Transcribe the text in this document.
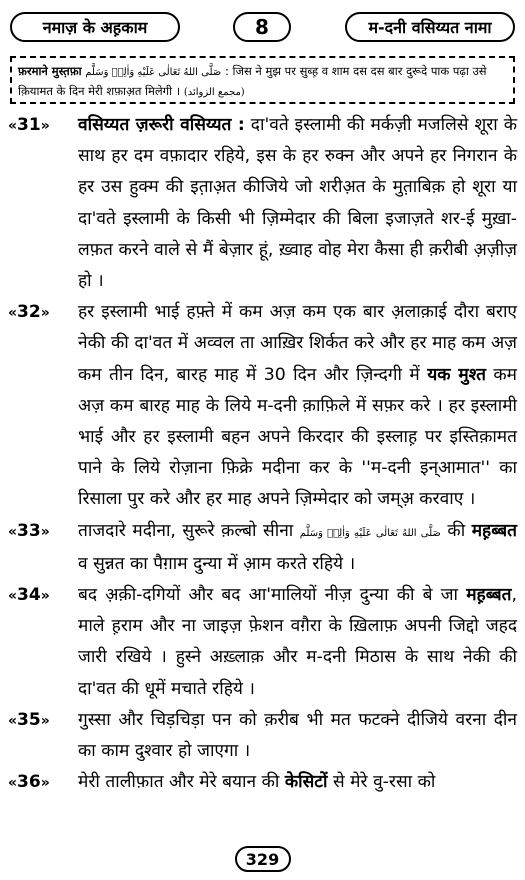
नमाज़ के अह़काम	8	म-दनी वसिय्यत नामा
फ़रमाने मुस्त़फ़ा صَلَّى اللهُ تَعَالٰى عَلَيْهِ وَاٰلِهٖ وَسَلَّم : जिस ने मुझ पर सुब्ह़ व शाम दस दस बार दुरूदे पाक पढ़ा उसे क़ियामत के दिन मेरी शफ़ाअ़त मिलेगी । (مجمع الزوائد)
«31»	वसिय्यत ज़रूरी वसिय्यत : दा'वते इस्लामी की मर्कज़ी मजलिसे शूरा के साथ हर दम वफ़ादार रहिये, इस के हर रुक्न और अपने हर निगरान के हर उस हुक्म की इत़ाअ़त कीजिये जो शरीअ़त के मुत़ाबिक़ हो शूरा या दा'वते इस्लामी के किसी भी ज़िम्मेदार की बिला इजाज़ते शर-ई मुख़ा-लफ़त करने वाले से मैं बेज़ार हूं, ख़्वाह वोह मेरा कैसा ही क़रीबी अ़ज़ीज़ हो ।
«32»	हर इस्लामी भाई हफ़्ते में कम अज़ कम एक बार अ़लाक़ाई दौरा बराए नेकी की दा'वत में अव्वल ता आख़िर शिर्कत करे और हर माह कम अज़ कम तीन दिन, बारह माह में 30 दिन और ज़िन्दगी में यक मुश्त कम अज़ कम बारह माह के लिये म-दनी क़ाफ़िले में सफ़र करे । हर इस्लामी भाई और हर इस्लामी बहन अपने किरदार की इस्लाह़ पर इस्तिक़ामत पाने के लिये रोज़ाना फ़िक्रे मदीना कर के ''म-दनी इन्आमात'' का रिसाला पुर करे और हर माह अपने ज़िम्मेदार को जम्अ़ करवाए ।
«33»	ताजदारे मदीना, सुरूरे क़ल्बो सीना صَلَّى اللهُ تَعَالٰى عَلَيْهِ وَاٰلِهٖ وَسَلَّم की मह़ब्बत व सुन्नत का पैग़ाम दुन्या में आ़म करते रहिये ।
«34»	बद अ़क़ी-दगियों और बद आ'मालियों नीज़ दुन्या की बे जा मह़ब्बत, माले ह़राम और ना जाइज़ फ़ेशन वग़ैरा के ख़िलाफ़ अपनी जिद्दो जहद जारी रखिये । हुस्ने अख़्लाक़ और म-दनी मिठास के साथ नेकी की दा'वत की धूमें मचाते रहिये ।
«35»	गुस्सा और चिड़चिड़ा पन को क़रीब भी मत फटक्ने दीजिये वरना दीन का काम दुश्वार हो जाएगा ।
«36»	मेरी तालीफ़ात और मेरे बयान की केसिटों से मेरे वु-रसा को
329
